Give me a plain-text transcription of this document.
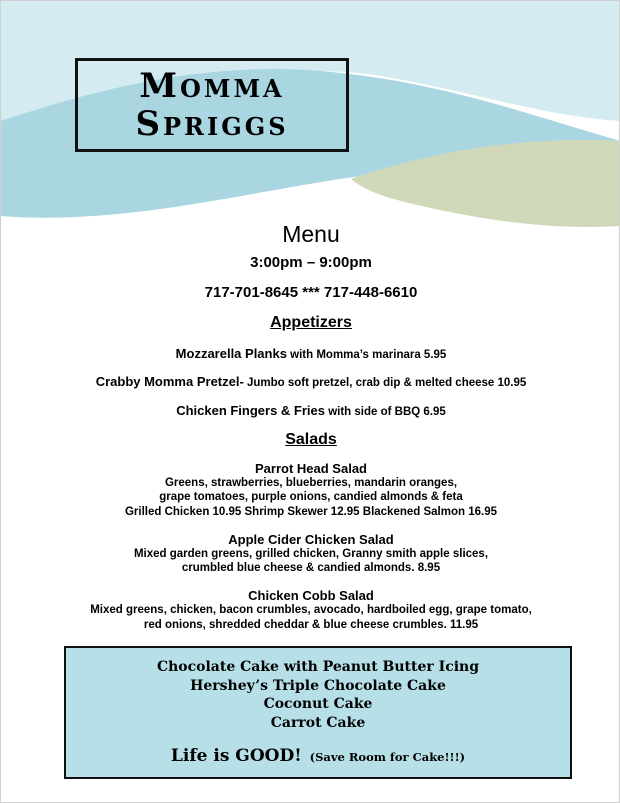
Momma
Spriggs
Menu
3:00pm – 9:00pm
717-701-8645 *** 717-448-6610
Appetizers
Mozzarella Planks with Momma’s marinara 5.95
Crabby Momma Pretzel- Jumbo soft pretzel, crab dip & melted cheese 10.95
Chicken Fingers & Fries with side of BBQ 6.95
Salads
Parrot Head Salad
Greens, strawberries, blueberries, mandarin oranges,
grape tomatoes, purple onions, candied almonds & feta
Grilled Chicken 10.95 Shrimp Skewer 12.95 Blackened Salmon 16.95
Apple Cider Chicken Salad
Mixed garden greens, grilled chicken, Granny smith apple slices,
crumbled blue cheese & candied almonds. 8.95
Chicken Cobb Salad
Mixed greens, chicken, bacon crumbles, avocado, hardboiled egg, grape tomato,
red onions, shredded cheddar & blue cheese crumbles. 11.95
Chocolate Cake with Peanut Butter Icing
Hershey’s Triple Chocolate Cake
Coconut Cake
Carrot Cake
Life is GOOD! (Save Room for Cake!!!)
